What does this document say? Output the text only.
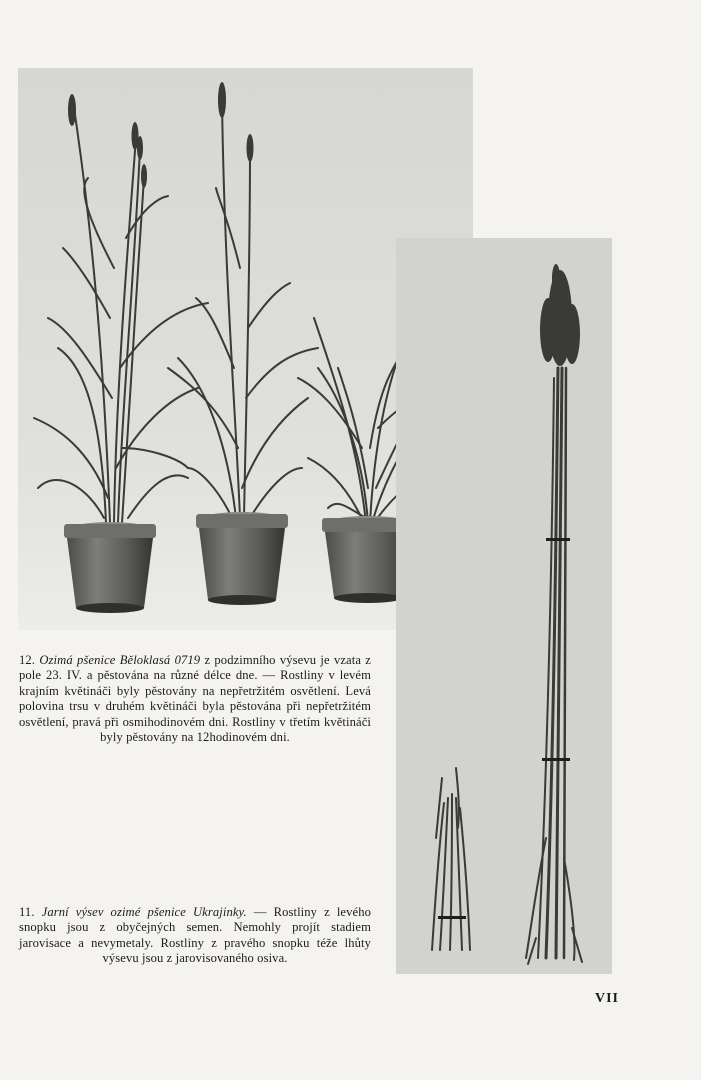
12. Ozimá pšenice Běloklasá 0719 z podzimního výsevu je vzata z pole 23. IV. a pěstována na různé délce dne. — Rostliny v levém krajním květináči byly pěstovány na nepřetržitém osvětlení. Levá polovina trsu v druhém květináči byla pěstována při nepřetržitém osvětlení, pravá při osmihodinovém dni. Rostliny v třetím květináči byly pěstovány na 12hodinovém dni.

11. Jarní výsev ozimé pšenice Ukrajinky. — Rostliny z levého snopku jsou z obyčejných semen. Nemohly projít stadiem jarovisace a nevymetaly. Rostliny z pravého snopku téže lhůty výsevu jsou z jarovisovaného osiva.

VII
